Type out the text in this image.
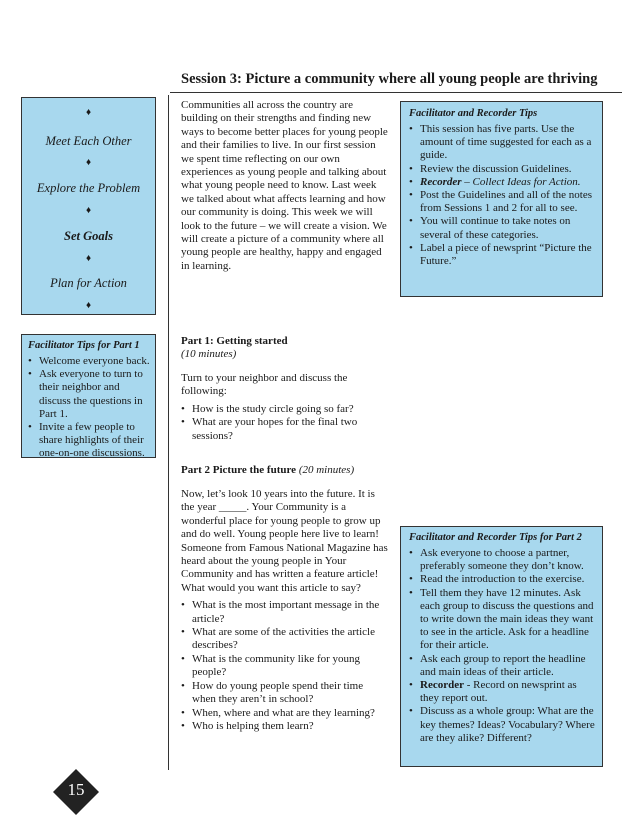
Session 3: Picture a community where all young people are thriving
♦
Meet Each Other
♦
Explore the Problem
♦
Set Goals
♦
Plan for Action
♦
Facilitator Tips for Part 1
• Welcome everyone back.
• Ask everyone to turn to their neighbor and discuss the questions in Part 1.
• Invite a few people to share highlights of their one-on-one discussions.
Communities all across the country are building on their strengths and finding new ways to become better places for young people and their families to live. In our first session we spent time reflecting on our own experiences as young people and talking about what young people need to know. Last week we talked about what affects learning and how our community is doing. This week we will look to the future – we will create a vision. We will create a picture of a community where all young people are healthy, happy and engaged in learning.
Facilitator and Recorder Tips
• This session has five parts. Use the amount of time suggested for each as a guide.
• Review the discussion Guidelines.
• Recorder – Collect Ideas for Action.
• Post the Guidelines and all of the notes from Sessions 1 and 2 for all to see.
• You will continue to take notes on several of these categories.
• Label a piece of newsprint “Picture the Future.”
Part 1: Getting started
(10 minutes)
Turn to your neighbor and discuss the following:
• How is the study circle going so far?
• What are your hopes for the final two sessions?
Part 2 Picture the future (20 minutes)
Now, let’s look 10 years into the future. It is the year _____. Your Community is a wonderful place for young people to grow up and do well. Young people here live to learn! Someone from Famous National Magazine has heard about the young people in Your Community and has written a feature article! What would you want this article to say?
• What is the most important message in the article?
• What are some of the activities the article describes?
• What is the community like for young people?
• How do young people spend their time when they aren’t in school?
• When, where and what are they learning?
• Who is helping them learn?
Facilitator and Recorder Tips for Part 2
• Ask everyone to choose a partner, preferably someone they don’t know.
• Read the introduction to the exercise.
• Tell them they have 12 minutes. Ask each group to discuss the questions and to write down the main ideas they want to see in the article. Ask for a headline for their article.
• Ask each group to report the headline and main ideas of their article.
• Recorder - Record on newsprint as they report out.
• Discuss as a whole group: What are the key themes? Ideas? Vocabulary? Where are they alike? Different?
15
